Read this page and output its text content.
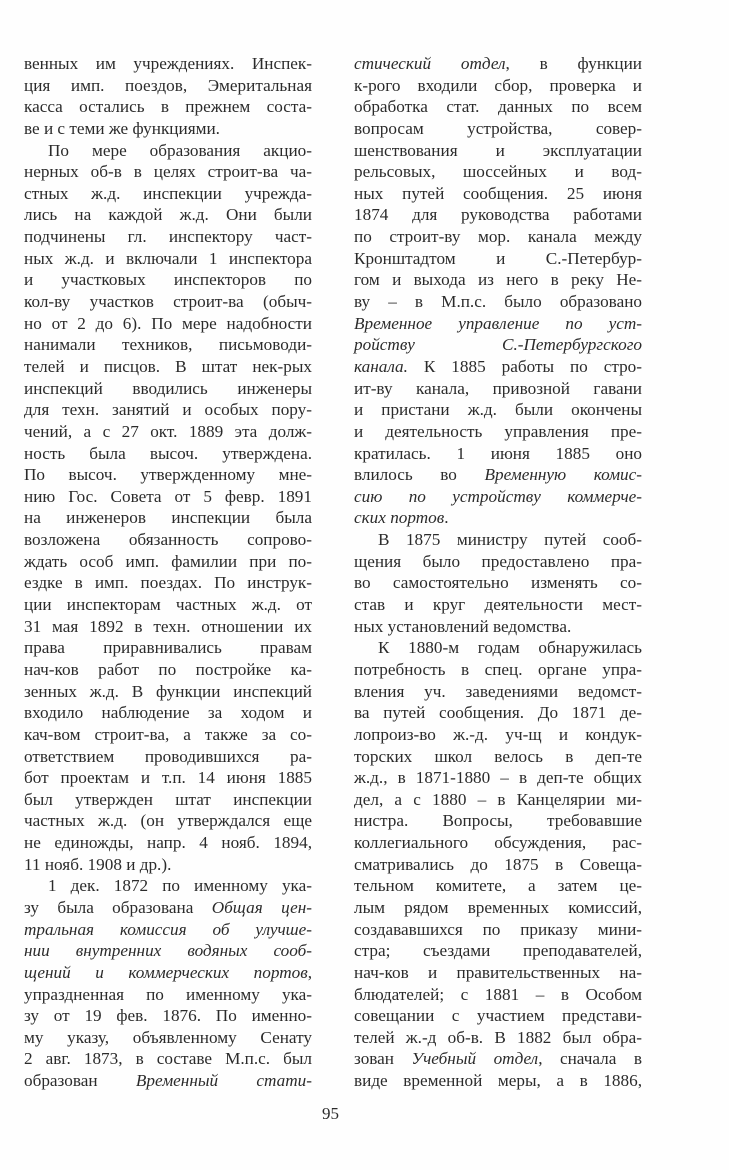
венных им учреждениях. Инспек-
ция имп. поездов, Эмеритальная
касса остались в прежнем соста-
ве и с теми же функциями.
По мере образования акцио-
нерных об-в в целях строит-ва ча-
стных ж.д. инспекции учрежда-
лись на каждой ж.д. Они были
подчинены гл. инспектору част-
ных ж.д. и включали 1 инспектора
и участковых инспекторов по
кол-ву участков строит-ва (обыч-
но от 2 до 6). По мере надобности
нанимали техников, письмоводи-
телей и писцов. В штат нек-рых
инспекций вводились инженеры
для техн. занятий и особых пору-
чений, а с 27 окт. 1889 эта долж-
ность была высоч. утверждена.
По высоч. утвержденному мне-
нию Гос. Совета от 5 февр. 1891
на инженеров инспекции была
возложена обязанность сопрово-
ждать особ имп. фамилии при по-
ездке в имп. поездах. По инструк-
ции инспекторам частных ж.д. от
31 мая 1892 в техн. отношении их
права приравнивались правам
нач-ков работ по постройке ка-
зенных ж.д. В функции инспекций
входило наблюдение за ходом и
кач-вом строит-ва, а также за со-
ответствием проводившихся ра-
бот проектам и т.п. 14 июня 1885
был утвержден штат инспекции
частных ж.д. (он утверждался еще
не единожды, напр. 4 нояб. 1894,
11 нояб. 1908 и др.).
1 дек. 1872 по именному ука-
зу была образована Общая цен-
тральная комиссия об улучше-
нии внутренних водяных сооб-
щений и коммерческих портов,
упраздненная по именному ука-
зу от 19 фев. 1876. По именно-
му указу, объявленному Сенату
2 авг. 1873, в составе М.п.с. был
образован Временный стати-
стический отдел, в функции
к-рого входили сбор, проверка и
обработка стат. данных по всем
вопросам устройства, совер-
шенствования и эксплуатации
рельсовых, шоссейных и вод-
ных путей сообщения. 25 июня
1874 для руководства работами
по строит-ву мор. канала между
Кронштадтом и С.-Петербур-
гом и выхода из него в реку Не-
ву – в М.п.с. было образовано
Временное управление по уст-
ройству С.-Петербургского
канала. К 1885 работы по стро-
ит-ву канала, привозной гавани
и пристани ж.д. были окончены
и деятельность управления пре-
кратилась. 1 июня 1885 оно
влилось во Временную комис-
сию по устройству коммерче-
ских портов.
В 1875 министру путей сооб-
щения было предоставлено пра-
во самостоятельно изменять со-
став и круг деятельности мест-
ных установлений ведомства.
К 1880-м годам обнаружилась
потребность в спец. органе упра-
вления уч. заведениями ведомст-
ва путей сообщения. До 1871 де-
лопроиз-во ж.-д. уч-щ и кондук-
торских школ велось в деп-те
ж.д., в 1871-1880 – в деп-те общих
дел, а с 1880 – в Канцелярии ми-
нистра. Вопросы, требовавшие
коллегиального обсуждения, рас-
сматривались до 1875 в Совеща-
тельном комитете, а затем це-
лым рядом временных комиссий,
создававшихся по приказу мини-
стра; съездами преподавателей,
нач-ков и правительственных на-
блюдателей; с 1881 – в Особом
совещании с участием представи-
телей ж.-д об-в. В 1882 был обра-
зован Учебный отдел, сначала в
виде временной меры, а в 1886,
95
